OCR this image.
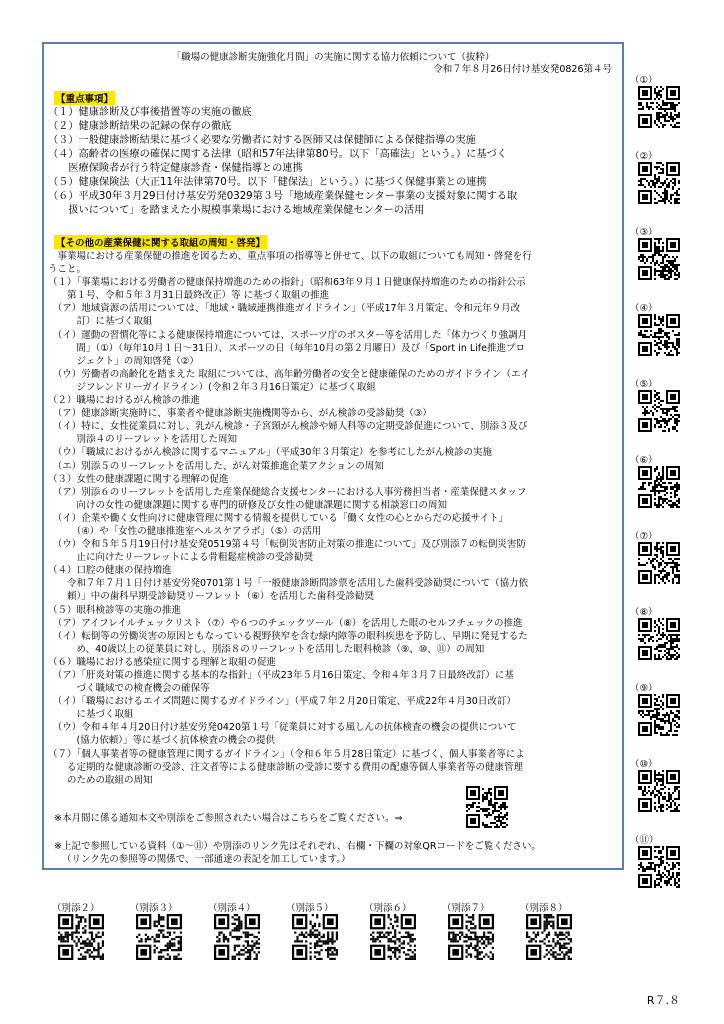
「職場の健康診断実施強化月間」の実施に関する協力依頼について（抜粋）
令和７年８月26日付け基安発0826第４号
【重点事項】
（１）健康診断及び事後措置等の実施の徹底
（２）健康診断結果の記録の保存の徹底
（３）一般健康診断結果に基づく必要な労働者に対する医師又は保健師による保健指導の実施
（４）高齢者の医療の確保に関する法律（昭和57年法律第80号。以下「高確法」という。）に基づく
　　医療保険者が行う特定健康診査・保健指導との連携
（５）健康保険法（大正11年法律第70号。以下「健保法」という。）に基づく保健事業との連携
（６）平成30年３月29日付け基安労発0329第３号「地域産業保健センター事業の支援対象に関する取
　　扱いについて」を踏まえた小規模事業場における地域産業保健センターの活用
【その他の産業保健に関する取組の周知・啓発】
　事業場における産業保健の推進を図るため、重点事項の指導等と併せて、以下の取組についても周知・啓発を行
うこと。
（１）「事業場における労働者の健康保持増進のための指針」（昭和63年９月１日健康保持増進のための指針公示
　　第１号、令和５年３月31日最終改正）等 に基づく取組の推進
　（ア）地域資源の活用については、「地域・職域連携推進ガイドライン」（平成17年３月策定、令和元年９月改
　　　訂）に基づく取組
　（イ）運動の習慣化等による健康保持増進については、スポーツ庁のポスター等を活用した「体力つくり強調月
　　　間」（①）（毎年10月１日～31日）、スポーツの日（毎年10月の第２月曜日）及び「Sport in Life推進プロ
　　　ジェクト」の周知啓発（②）
　（ウ）労働者の高齢化を踏まえた 取組については、高年齢労働者の安全と健康確保のためのガイドライン（エイ
　　　ジフレンドリーガイドライン）(令和２年３月16日策定）に基づく取組
（２）職場におけるがん検診の推進
　（ア）健康診断実施時に、事業者や健康診断実施機関等から、がん検診の受診勧奨（③）
　（イ）特に、女性従業員に対し、乳がん検診・子宮頸がん検診や婦人科等の定期受診促進について、別添３及び
　　　別添４のリーフレットを活用した周知
　（ウ）「職域におけるがん検診に関するマニュアル」（平成30年３月策定）を参考にしたがん検診の実施
　（エ）別添５のリーフレットを活用した、がん対策推進企業アクションの周知
（３）女性の健康課題に関する理解の促進
　（ア）別添６のリーフレットを活用した産業保健総合支援センターにおける人事労務担当者・産業保健スタッフ
　　　向けの女性の健康課題に関する専門的研修及び女性の健康課題に関する相談窓口の周知
　（イ）企業や働く女性向けに健康管理に関する情報を提供している「働く女性の心とからだの応援サイト」
　　　（④）や「女性の健康推進室ヘルスケアラボ」（⑤）の活用
　（ウ）令和５年５月19日付け基安発0519第４号「転倒災害防止対策の推進について」及び別添７の転倒災害防
　　　止に向けたリーフレットによる骨粗鬆症検診の受診勧奨
（４）口腔の健康の保持増進
　　令和７年７月１日付け基安労発0701第１号「一般健康診断問診票を活用した歯科受診勧奨について（協力依
　　頼）」中の歯科早期受診勧奨リーフレット（⑥）を活用した歯科受診勧奨
（５）眼科検診等の実施の推進
　（ア）アイフレイルチェックリスト（⑦）や６つのチェックツール（⑧）を活用した眼のセルフチェックの推進
　（イ）転倒等の労働災害の原因ともなっている視野狭窄を含む緑内障等の眼科疾患を予防し、早期に発見するた
　　　め、40歳以上の従業員に対し、別添８のリーフレットを活用した眼科検診（⑨、⑩、⑪）の周知
（６）職場における感染症に関する理解と取組の促進
　（ア）「肝炎対策の推進に関する基本的な指針」（平成23年５月16日策定、令和４年３月７日最終改訂）に基
　　　づく職域での検査機会の確保等
　（イ）「職場におけるエイズ問題に関するガイドライン」（平成７年２月20日策定、平成22年４月30日改訂）
　　　に基づく取組
　（ウ）令和４年４月20日付け基安労発0420第１号「従業員に対する風しんの抗体検査の機会の提供について
　　　(協力依頼）」等に基づく抗体検査の機会の提供
（７）「個人事業者等の健康管理に関するガイドライン」（令和６年５月28日策定）に基づく、個人事業者等によ
　　る定期的な健康診断の受診、注文者等による健康診断の受診に要する費用の配慮等個人事業者等の健康管理
　　のための取組の周知
※本月間に係る通知本文や別添をご参照されたい場合はこちらをご覧ください。⇒
※上記で参照している資料（①～⑪）や別添のリンク先はそれぞれ、右欄・下欄の対象QRコードをご覧ください。
（リンク先の参照等の関係で、一部通達の表記を加工しています。）
（①）
（②）
（③）
（④）
（⑤）
（⑥）
（⑦）
（⑧）
（⑨）
（⑩）
（⑪）
（別添２）	（別添３）	（別添４）	（別添５）	（別添６）	（別添７）	（別添８）
R７.８
